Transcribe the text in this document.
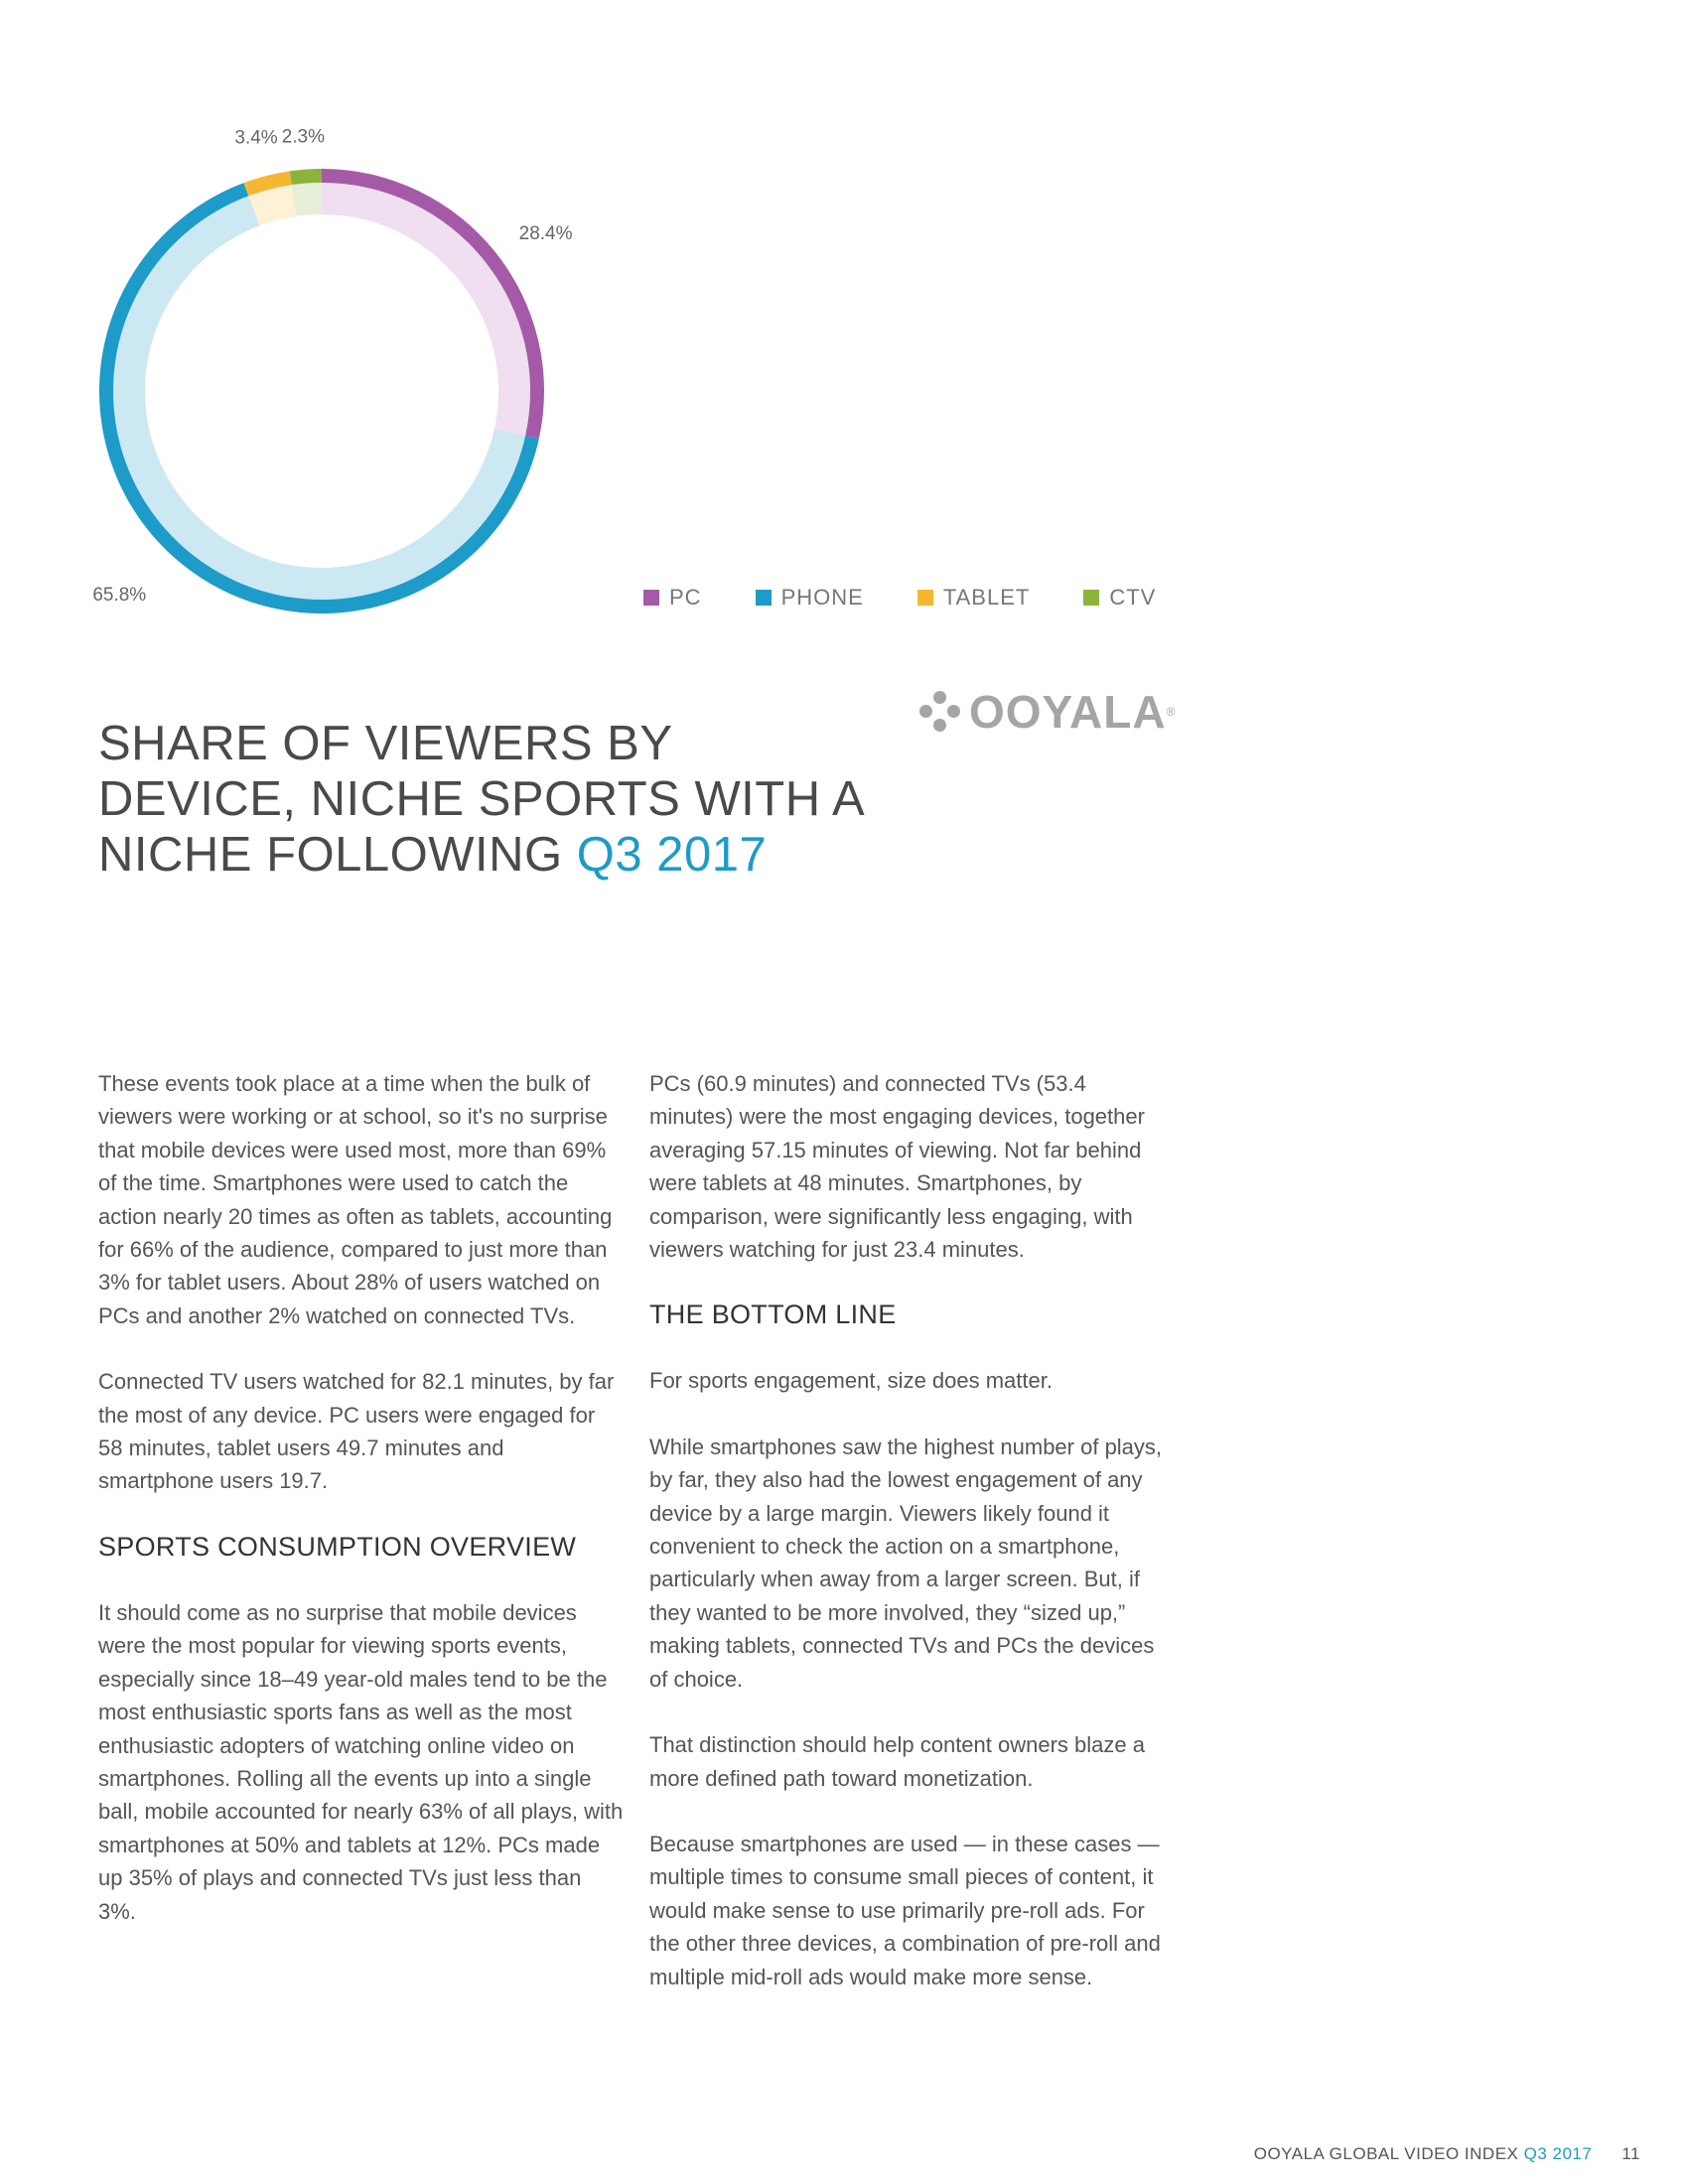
28.4%
65.8%
3.4% 2.3%
PC	PHONE	TABLET	CTV
SHARE OF VIEWERS BY DEVICE, NICHE SPORTS WITH A NICHE FOLLOWING Q3 2017
OOYALA ®

These events took place at a time when the bulk of viewers were working or at school, so it's no surprise that mobile devices were used most, more than 69% of the time. Smartphones were used to catch the action nearly 20 times as often as tablets, accounting for 66% of the audience, compared to just more than 3% for tablet users. About 28% of users watched on PCs and another 2% watched on connected TVs.

Connected TV users watched for 82.1 minutes, by far the most of any device. PC users were engaged for 58 minutes, tablet users 49.7 minutes and smartphone users 19.7.

SPORTS CONSUMPTION OVERVIEW

It should come as no surprise that mobile devices were the most popular for viewing sports events, especially since 18–49 year-old males tend to be the most enthusiastic sports fans as well as the most enthusiastic adopters of watching online video on smartphones. Rolling all the events up into a single ball, mobile accounted for nearly 63% of all plays, with smartphones at 50% and tablets at 12%. PCs made up 35% of plays and connected TVs just less than 3%.

PCs (60.9 minutes) and connected TVs (53.4 minutes) were the most engaging devices, together averaging 57.15 minutes of viewing. Not far behind were tablets at 48 minutes. Smartphones, by comparison, were significantly less engaging, with viewers watching for just 23.4 minutes.

THE BOTTOM LINE

For sports engagement, size does matter.

While smartphones saw the highest number of plays, by far, they also had the lowest engagement of any device by a large margin. Viewers likely found it convenient to check the action on a smartphone, particularly when away from a larger screen. But, if they wanted to be more involved, they “sized up,” making tablets, connected TVs and PCs the devices of choice.

That distinction should help content owners blaze a more defined path toward monetization.

Because smartphones are used — in these cases — multiple times to consume small pieces of content, it would make sense to use primarily pre-roll ads. For the other three devices, a combination of pre-roll and multiple mid-roll ads would make more sense.

OOYALA GLOBAL VIDEO INDEX Q3 2017 11
